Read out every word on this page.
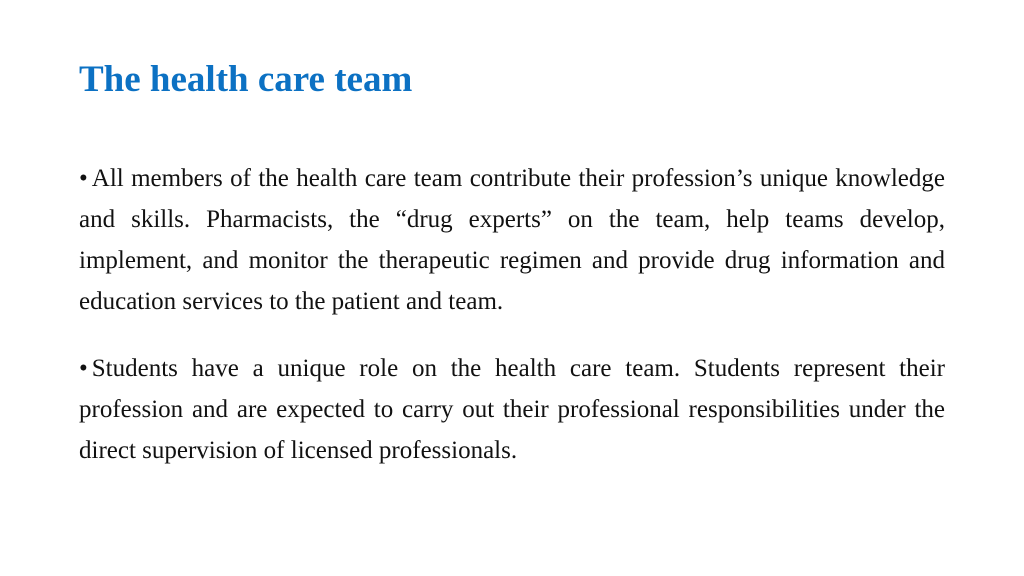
The health care team
• All members of the health care team contribute their profession’s unique knowledge and skills. Pharmacists, the “drug experts” on the team, help teams develop, implement, and monitor the therapeutic regimen and provide drug information and education services to the patient and team.
• Students have a unique role on the health care team. Students represent their profession and are expected to carry out their professional responsibilities under the direct supervision of licensed professionals.
